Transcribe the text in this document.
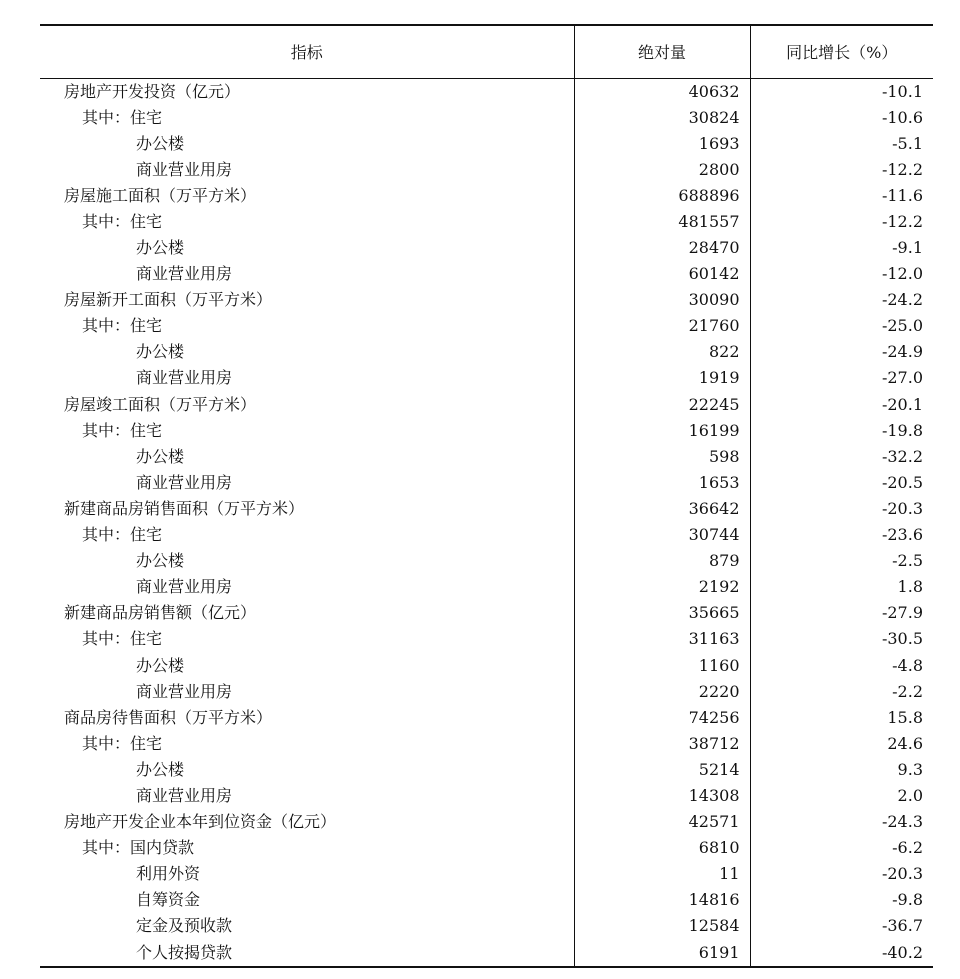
指标	绝对量	同比增长（%）
房地产开发投资（亿元）	40632	-10.1
其中：住宅	30824	-10.6
办公楼	1693	-5.1
商业营业用房	2800	-12.2
房屋施工面积（万平方米）	688896	-11.6
其中：住宅	481557	-12.2
办公楼	28470	-9.1
商业营业用房	60142	-12.0
房屋新开工面积（万平方米）	30090	-24.2
其中：住宅	21760	-25.0
办公楼	822	-24.9
商业营业用房	1919	-27.0
房屋竣工面积（万平方米）	22245	-20.1
其中：住宅	16199	-19.8
办公楼	598	-32.2
商业营业用房	1653	-20.5
新建商品房销售面积（万平方米）	36642	-20.3
其中：住宅	30744	-23.6
办公楼	879	-2.5
商业营业用房	2192	1.8
新建商品房销售额（亿元）	35665	-27.9
其中：住宅	31163	-30.5
办公楼	1160	-4.8
商业营业用房	2220	-2.2
商品房待售面积（万平方米）	74256	15.8
其中：住宅	38712	24.6
办公楼	5214	9.3
商业营业用房	14308	2.0
房地产开发企业本年到位资金（亿元）	42571	-24.3
其中：国内贷款	6810	-6.2
利用外资	11	-20.3
自筹资金	14816	-9.8
定金及预收款	12584	-36.7
个人按揭贷款	6191	-40.2
